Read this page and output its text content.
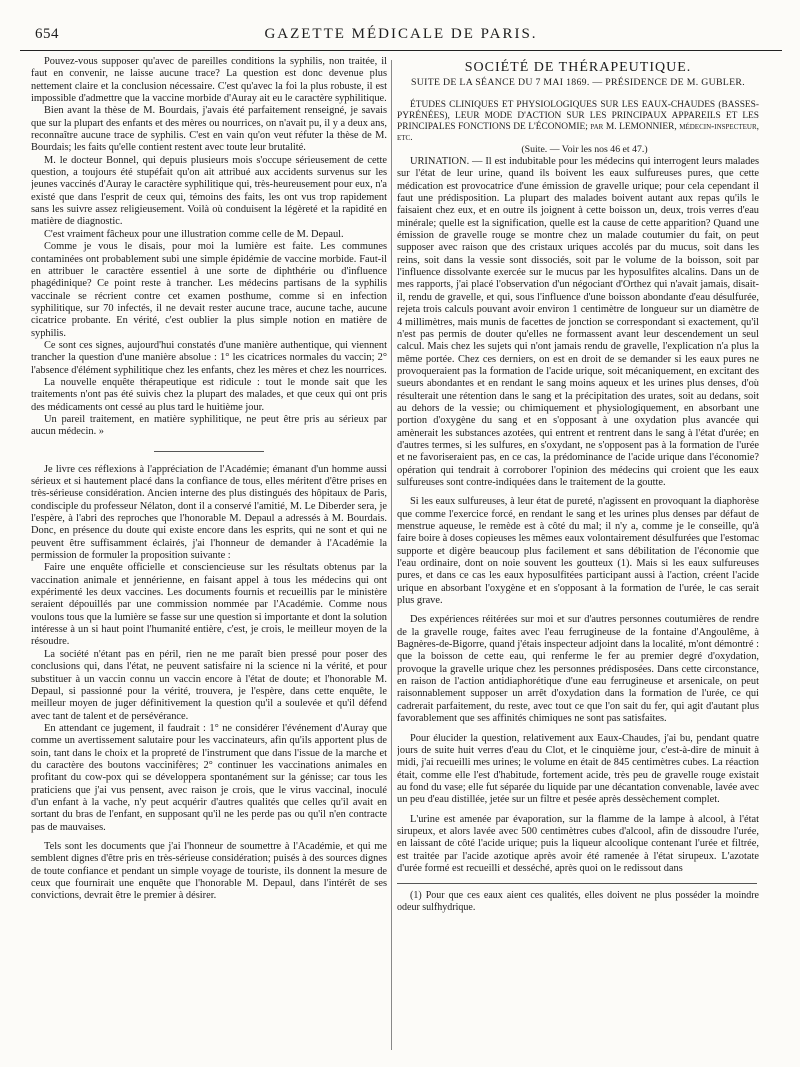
654	GAZETTE MÉDICALE DE PARIS.

Pouvez-vous supposer qu'avec de pareilles conditions la syphilis, non traitée, il faut en convenir, ne laisse aucune trace? La question est donc devenue plus nettement claire et la conclusion nécessaire. C'est qu'avec la foi la plus robuste, il est impossible d'admettre que la vaccine morbide d'Auray ait eu le caractère syphilitique.

Bien avant la thèse de M. Bourdais, j'avais été parfaitement renseigné, je savais que sur la plupart des enfants et des mères ou nourrices, on n'avait pu, il y a deux ans, reconnaître aucune trace de syphilis. C'est en vain qu'on veut réfuter la thèse de M. Bourdais; les faits qu'elle contient restent avec toute leur brutalité.

M. le docteur Bonnel, qui depuis plusieurs mois s'occupe sérieusement de cette question, a toujours été stupéfait qu'on ait attribué aux accidents survenus sur les jeunes vaccinés d'Auray le caractère syphilitique qui, très-heureusement pour eux, n'a existé que dans l'esprit de ceux qui, témoins des faits, les ont vus trop rapidement sans les suivre assez religieusement. Voilà où conduisent la légèreté et la rapidité en matière de diagnostic.

C'est vraiment fâcheux pour une illustration comme celle de M. Depaul.

Comme je vous le disais, pour moi la lumière est faite. Les communes contaminées ont probablement subi une simple épidémie de vaccine morbide. Faut-il en attribuer le caractère essentiel à une sorte de diphthérie ou d'influence phagédinique? Ce point reste à trancher. Les médecins partisans de la syphilis vaccinale se récrient contre cet examen posthume, comme si en infection syphilitique, sur 70 infectés, il ne devait rester aucune trace, aucune tache, aucune cicatrice probante. En vérité, c'est oublier la plus simple notion en matière de syphilis.

Ce sont ces signes, aujourd'hui constatés d'une manière authentique, qui viennent trancher la question d'une manière absolue : 1° les cicatrices normales du vaccin; 2° l'absence d'élément syphilitique chez les enfants, chez les mères et chez les nourrices.

La nouvelle enquête thérapeutique est ridicule : tout le monde sait que les traitements n'ont pas été suivis chez la plupart des malades, et que ceux qui ont pris des médicaments ont cessé au plus tard le huitième jour.

Un pareil traitement, en matière syphilitique, ne peut être pris au sérieux par aucun médecin. »

Je livre ces réflexions à l'appréciation de l'Académie; émanant d'un homme aussi sérieux et si hautement placé dans la confiance de tous, elles méritent d'être prises en très-sérieuse considération. Ancien interne des plus distingués des hôpitaux de Paris, condisciple du professeur Nélaton, dont il a conservé l'amitié, M. Le Diberder sera, je l'espère, à l'abri des reproches que l'honorable M. Depaul a adressés à M. Bourdais. Donc, en présence du doute qui existe encore dans les esprits, qui ne sont et qui ne peuvent être suffisamment éclairés, j'ai l'honneur de demander à l'Académie la permission de formuler la proposition suivante :

Faire une enquête officielle et consciencieuse sur les résultats obtenus par la vaccination animale et jennérienne, en faisant appel à tous les médecins qui ont expérimenté les deux vaccines. Les documents fournis et recueillis par le ministère seraient dépouillés par une commission nommée par l'Académie. Comme nous voulons tous que la lumière se fasse sur une question si importante et dont la solution intéresse à un si haut point l'humanité entière, c'est, je crois, le meilleur moyen de la résoudre.

La société n'étant pas en péril, rien ne me paraît bien pressé pour poser des conclusions qui, dans l'état, ne peuvent satisfaire ni la science ni la vérité, et pour substituer à un vaccin connu un vaccin encore à l'état de doute; et l'honorable M. Depaul, si passionné pour la vérité, trouvera, je l'espère, dans cette enquête, le meilleur moyen de juger définitivement la question qu'il a soulevée et qu'il défend avec tant de talent et de persévérance.

En attendant ce jugement, il faudrait : 1° ne considérer l'événement d'Auray que comme un avertissement salutaire pour les vaccinateurs, afin qu'ils apportent plus de soin, tant dans le choix et la propreté de l'instrument que dans l'issue de la marche et du caractère des boutons vaccinifères; 2° continuer les vaccinations animales en profitant du cow-pox qui se développera spontanément sur la génisse; car tous les praticiens que j'ai vus pensent, avec raison je crois, que le virus vaccinal, inoculé d'un enfant à la vache, n'y peut acquérir d'autres qualités que celles qu'il avait en sortant du bras de l'enfant, en supposant qu'il ne les perde pas ou qu'il n'en contracte pas de mauvaises.

Tels sont les documents que j'ai l'honneur de soumettre à l'Académie, et qui me semblent dignes d'être pris en très-sérieuse considération; puisés à des sources dignes de toute confiance et pendant un simple voyage de touriste, ils donnent la mesure de ceux que fournirait une enquête que l'honorable M. Depaul, dans l'intérêt de ses convictions, devrait être le premier à désirer.

SOCIÉTÉ DE THÉRAPEUTIQUE.
SUITE DE LA SÉANCE DU 7 MAI 1869. — PRÉSIDENCE DE M. GUBLER.

ÉTUDES CLINIQUES ET PHYSIOLOGIQUES SUR LES EAUX-CHAUDES (BASSES-PYRÉNÉES), LEUR MODE D'ACTION SUR LES PRINCIPAUX APPAREILS ET LES PRINCIPALES FONCTIONS DE L'ÉCONOMIE; par M. LEMONNIER, médecin-inspecteur, etc.

(Suite. — Voir les nos 46 et 47.)

URINATION. — Il est indubitable pour les médecins qui interrogent leurs malades sur l'état de leur urine, quand ils boivent les eaux sulfureuses pures, que cette médication est provocatrice d'une émission de gravelle urique; pour cela cependant il faut une prédisposition. La plupart des malades boivent autant aux repas qu'ils le faisaient chez eux, et en outre ils joignent à cette boisson un, deux, trois verres d'eau minérale; quelle est la signification, quelle est la cause de cette apparition? Quand une émission de gravelle rouge se montre chez un malade coutumier du fait, on peut supposer avec raison que des cristaux uriques accolés par du mucus, soit dans les reins, soit dans la vessie sont dissociés, soit par le volume de la boisson, soit par l'influence dissolvante exercée sur le mucus par les hyposulfites alcalins. Dans un de mes rapports, j'ai placé l'observation d'un négociant d'Orthez qui n'avait jamais, disait-il, rendu de gravelle, et qui, sous l'influence d'une boisson abondante d'eau désulfurée, rejeta trois calculs pouvant avoir environ 1 centimètre de longueur sur un diamètre de 4 millimètres, mais munis de facettes de jonction se correspondant si exactement, qu'il n'est pas permis de douter qu'elles ne formassent avant leur descendement un seul calcul. Mais chez les sujets qui n'ont jamais rendu de gravelle, l'explication n'a plus la même portée. Chez ces derniers, on est en droit de se demander si les eaux pures ne provoqueraient pas la formation de l'acide urique, soit mécaniquement, en excitant des sueurs abondantes et en rendant le sang moins aqueux et les urines plus denses, d'où résulterait une rétention dans le sang et la précipitation des urates, soit au dedans, soit au dehors de la vessie; ou chimiquement et physiologiquement, en absorbant une portion d'oxygène du sang et en s'opposant à une oxydation plus avancée qui amènerait les substances azotées, qui entrent et rentrent dans le sang à l'état d'urée; en d'autres termes, si les sulfures, en s'oxydant, ne s'opposent pas à la formation de l'urée et ne favoriseraient pas, en ce cas, la prédominance de l'acide urique dans l'économie? opération qui tendrait à corroborer l'opinion des médecins qui croient que les eaux sulfureuses sont contre-indiquées dans le traitement de la goutte.

Si les eaux sulfureuses, à leur état de pureté, n'agissent en provoquant la diaphorèse que comme l'exercice forcé, en rendant le sang et les urines plus denses par défaut de menstrue aqueuse, le remède est à côté du mal; il n'y a, comme je le conseille, qu'à faire boire à doses copieuses les mêmes eaux volontairement désulfurées que l'estomac supporte et digère beaucoup plus facilement et sans débilitation de l'économie que l'eau ordinaire, dont on noie souvent les goutteux (1). Mais si les eaux sulfureuses pures, et dans ce cas les eaux hyposulfitées participant aussi à l'action, créent l'acide urique en absorbant l'oxygène et en s'opposant à la formation de l'urée, le cas serait plus grave.

Des expériences réitérées sur moi et sur d'autres personnes coutumières de rendre de la gravelle rouge, faites avec l'eau ferrugineuse de la fontaine d'Angoulême, à Bagnères-de-Bigorre, quand j'étais inspecteur adjoint dans la localité, m'ont démontré : que la boisson de cette eau, qui renferme le fer au premier degré d'oxydation, provoque la gravelle urique chez les personnes prédisposées. Dans cette circonstance, en raison de l'action antidiaphorétique d'une eau ferrugineuse et arsenicale, on peut raisonnablement supposer un arrêt d'oxydation dans la formation de l'urée, ce qui cadrerait parfaitement, du reste, avec tout ce que l'on sait du fer, qui agit d'autant plus favorablement que ses affinités chimiques ne sont pas satisfaites.

Pour élucider la question, relativement aux Eaux-Chaudes, j'ai bu, pendant quatre jours de suite huit verres d'eau du Clot, et le cinquième jour, c'est-à-dire de minuit à midi, j'ai recueilli mes urines; le volume en était de 845 centimètres cubes. La réaction était, comme elle l'est d'habitude, fortement acide, très peu de gravelle rouge existait au fond du vase; elle fut séparée du liquide par une décantation convenable, lavée avec un peu d'eau distillée, jetée sur un filtre et pesée après dessèchement complet.

L'urine est amenée par évaporation, sur la flamme de la lampe à alcool, à l'état sirupeux, et alors lavée avec 500 centimètres cubes d'alcool, afin de dissoudre l'urée, en laissant de côté l'acide urique; puis la liqueur alcoolique contenant l'urée et filtrée, est traitée par l'acide azotique après avoir été ramenée à l'état sirupeux. L'azotate d'urée formé est recueilli et desséché, après quoi on le redissout dans

(1) Pour que ces eaux aient ces qualités, elles doivent ne plus posséder la moindre odeur sulfhydrique.
